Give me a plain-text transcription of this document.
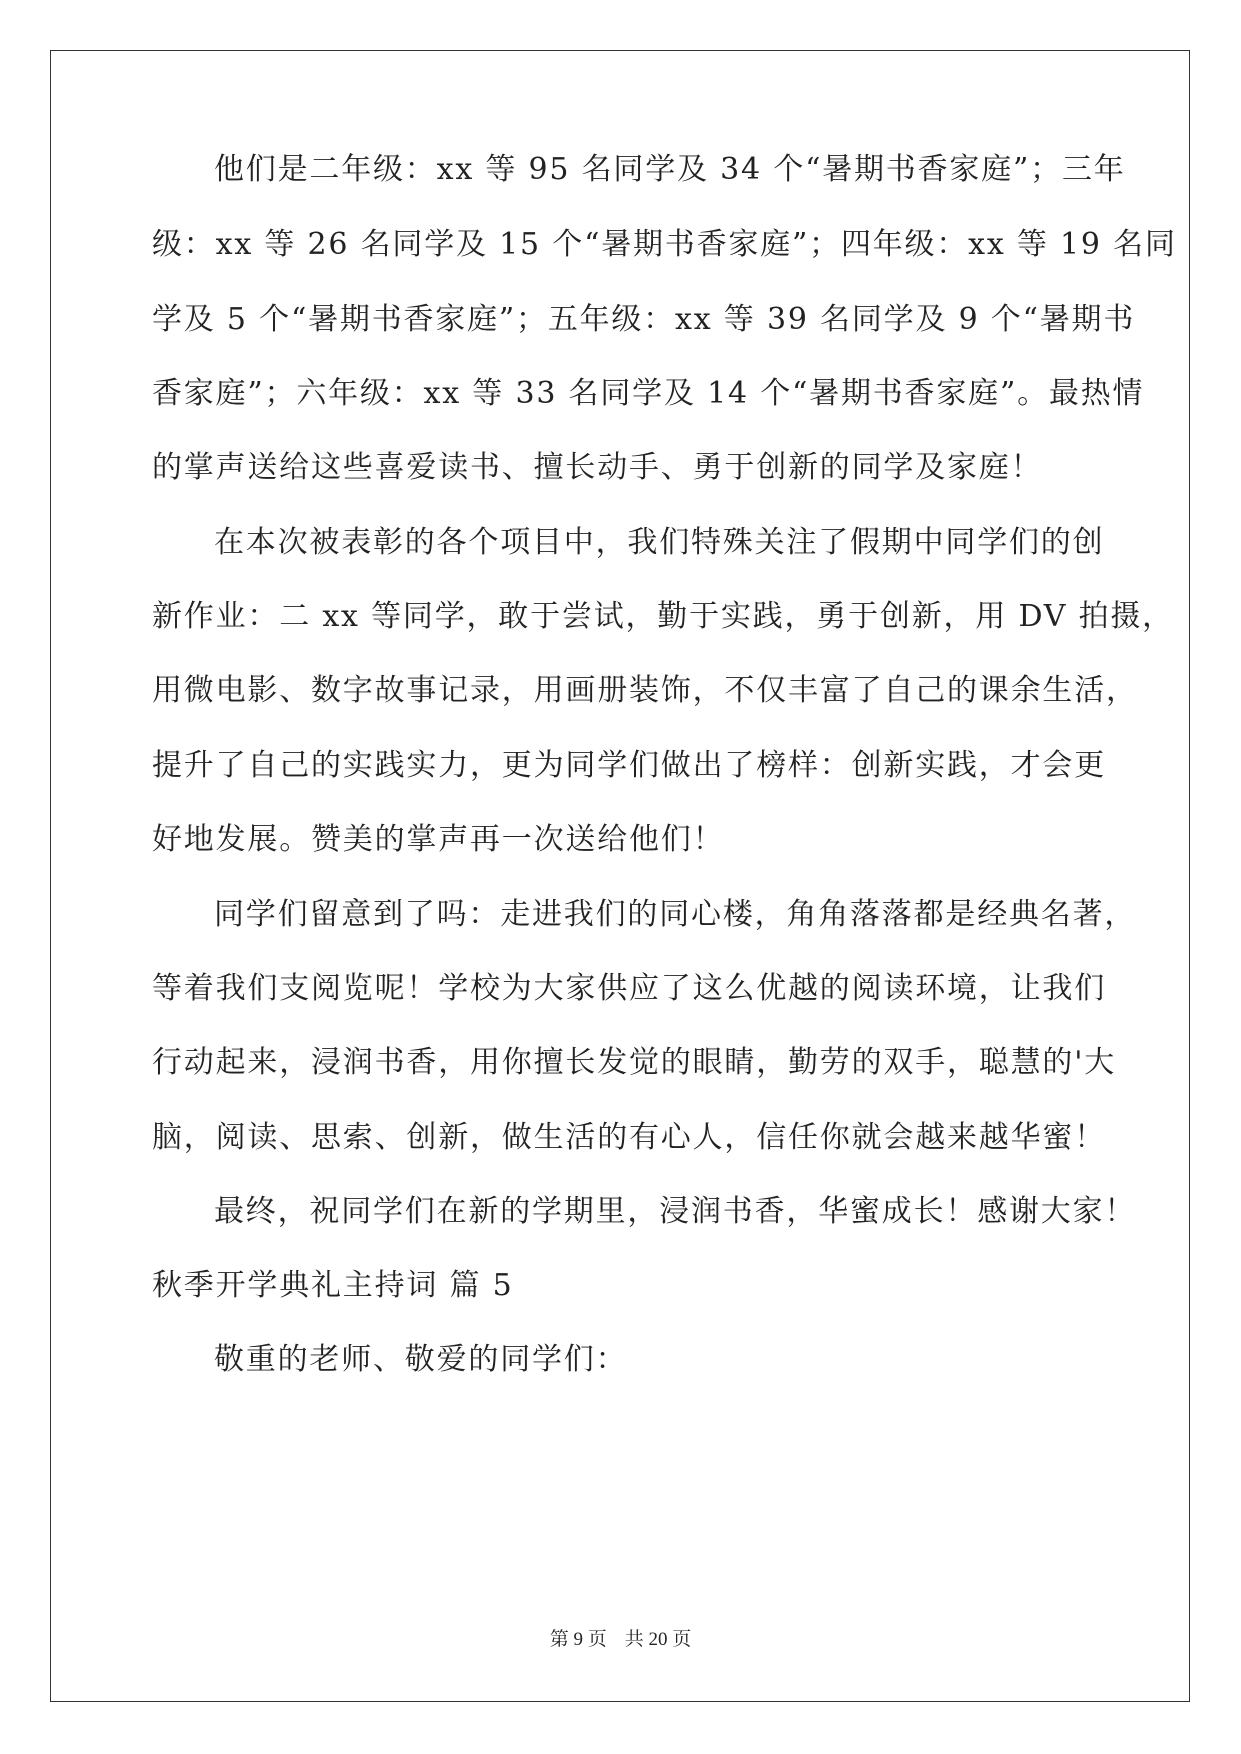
他们是二年级：xx 等 95 名同学及 34 个“暑期书香家庭”；三年
级：xx 等 26 名同学及 15 个“暑期书香家庭”；四年级：xx 等 19 名同
学及 5 个“暑期书香家庭”；五年级：xx 等 39 名同学及 9 个“暑期书
香家庭”；六年级：xx 等 33 名同学及 14 个“暑期书香家庭”。最热情
的掌声送给这些喜爱读书、擅长动手、勇于创新的同学及家庭！
在本次被表彰的各个项目中，我们特殊关注了假期中同学们的创
新作业：二 xx 等同学，敢于尝试，勤于实践，勇于创新，用 DV 拍摄，
用微电影、数字故事记录，用画册装饰，不仅丰富了自己的课余生活，
提升了自己的实践实力，更为同学们做出了榜样：创新实践，才会更
好地发展。赞美的掌声再一次送给他们！
同学们留意到了吗：走进我们的同心楼，角角落落都是经典名著，
等着我们支阅览呢！学校为大家供应了这么优越的阅读环境，让我们
行动起来，浸润书香，用你擅长发觉的眼睛，勤劳的双手，聪慧的'大
脑，阅读、思索、创新，做生活的有心人，信任你就会越来越华蜜！
最终，祝同学们在新的学期里，浸润书香，华蜜成长！感谢大家！
秋季开学典礼主持词 篇 5
敬重的老师、敬爱的同学们：
第 9 页 共 20 页
